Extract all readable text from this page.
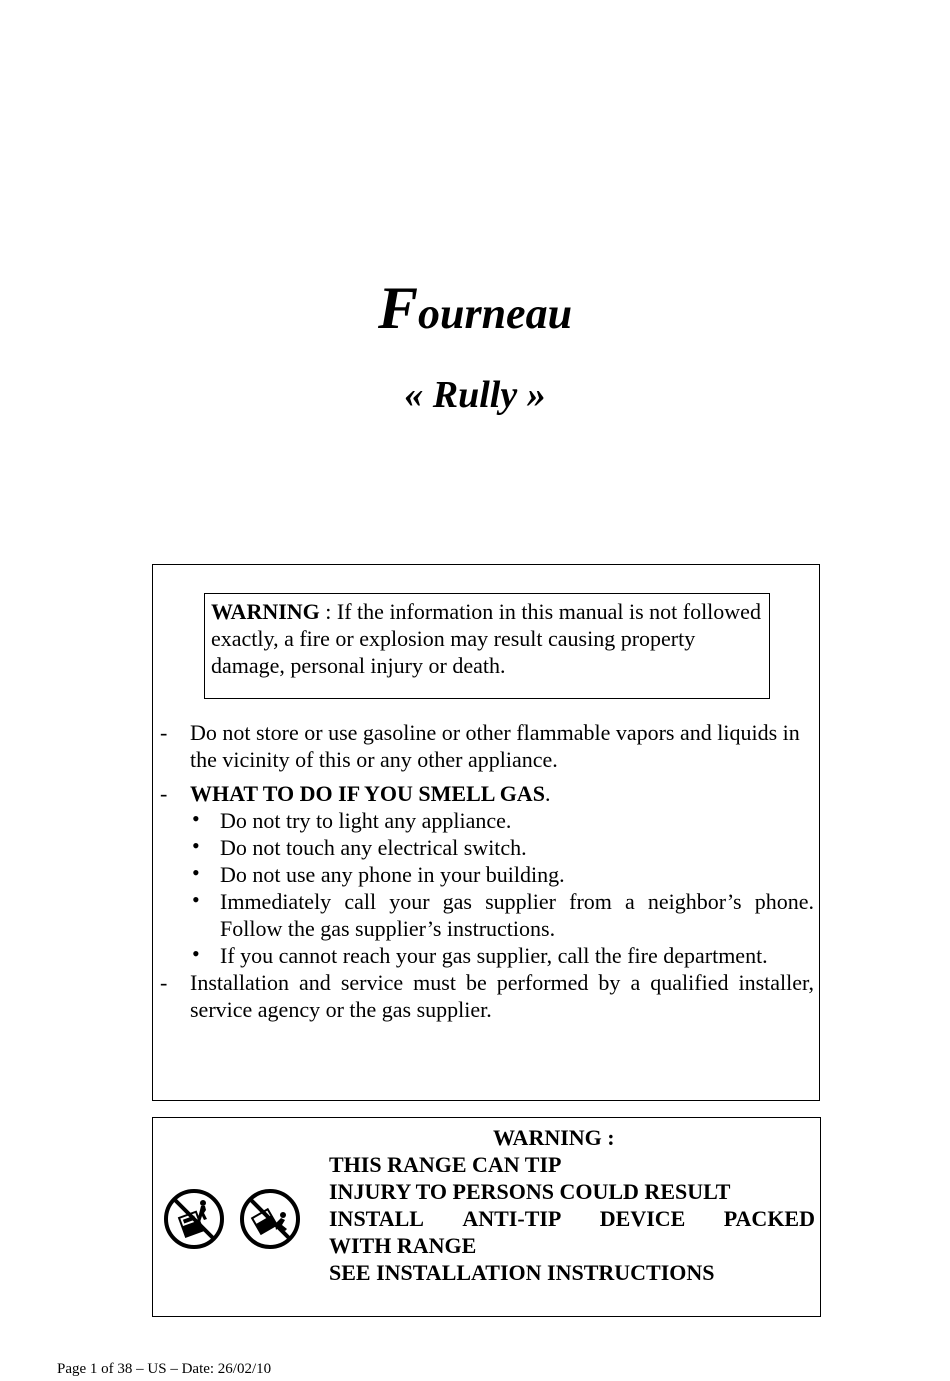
Fourneau
« Rully »
WARNING : If the information in this manual is not followed exactly, a fire or explosion may result causing property damage, personal injury or death.
- Do not store or use gasoline or other flammable vapors and liquids in the vicinity of this or any other appliance.
- WHAT TO DO IF YOU SMELL GAS.
• Do not try to light any appliance.
• Do not touch any electrical switch.
• Do not use any phone in your building.
• Immediately call your gas supplier from a neighbor’s phone. Follow the gas supplier’s instructions.
• If you cannot reach your gas supplier, call the fire department.
- Installation and service must be performed by a qualified installer, service agency or the gas supplier.
WARNING :
THIS RANGE CAN TIP
INJURY TO PERSONS COULD RESULT
INSTALL ANTI-TIP DEVICE PACKED
WITH RANGE
SEE INSTALLATION INSTRUCTIONS
Page 1 of 38 – US – Date: 26/02/10
